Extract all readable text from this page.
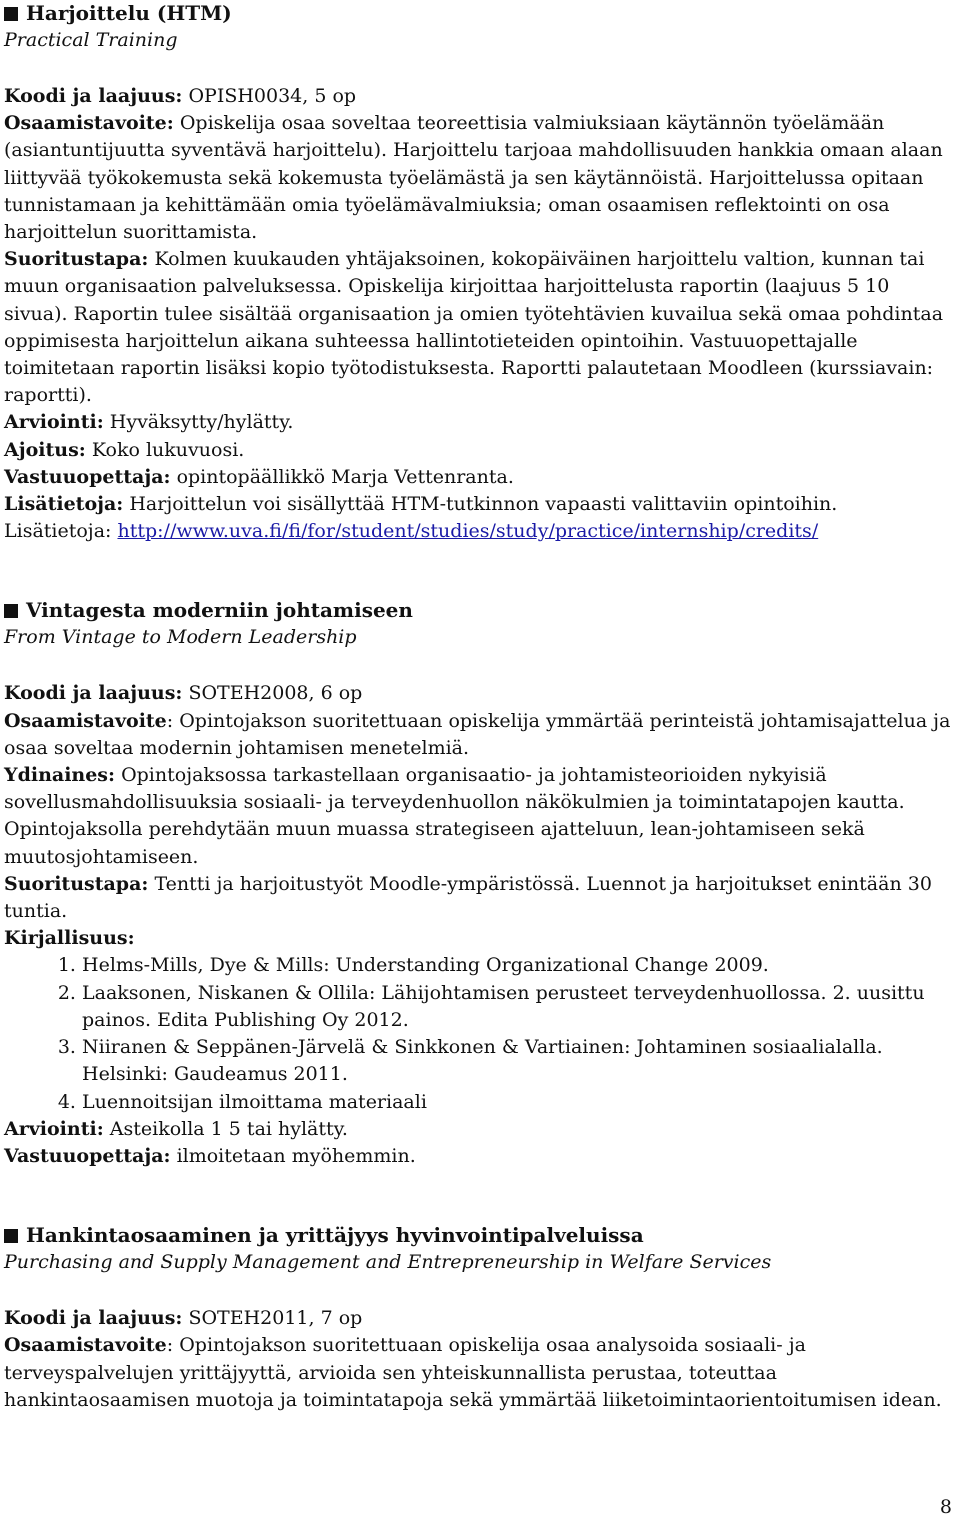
Harjoittelu (HTM)
Practical Training

Koodi ja laajuus: OPISH0034, 5 op

Osaamistavoite: Opiskelija osaa soveltaa teoreettisia valmiuksiaan käytännön työelämään (asiantuntijuutta syventävä harjoittelu). Harjoittelu tarjoaa mahdollisuuden hankkia omaan alaan liittyvää työkokemusta sekä kokemusta työelämästä ja sen käytännöistä. Harjoittelussa opitaan tunnistamaan ja kehittämään omia työelämävalmiuksia; oman osaamisen reflektointi on osa harjoittelun suorittamista.

Suoritustapa: Kolmen kuukauden yhtäjaksoinen, kokopäiväinen harjoittelu valtion, kunnan tai muun organisaation palveluksessa. Opiskelija kirjoittaa harjoittelusta raportin (laajuus 5 10 sivua). Raportin tulee sisältää organisaation ja omien työtehtävien kuvailua sekä omaa pohdintaa oppimisesta harjoittelun aikana suhteessa hallintotieteiden opintoihin. Vastuuopettajalle toimitetaan raportin lisäksi kopio työtodistuksesta. Raportti palautetaan Moodleen (kurssiavain: raportti).

Arviointi: Hyväksytty/hylätty.

Ajoitus: Koko lukuvuosi.

Vastuuopettaja: opintopäällikkö Marja Vettenranta.

Lisätietoja: Harjoittelun voi sisällyttää HTM-tutkinnon vapaasti valittaviin opintoihin.

Lisätietoja: http://www.uva.fi/fi/for/student/studies/study/practice/internship/credits/

Vintagesta moderniin johtamiseen
From Vintage to Modern Leadership

Koodi ja laajuus: SOTEH2008, 6 op

Osaamistavoite: Opintojakson suoritettuaan opiskelija ymmärtää perinteistä johtamisajattelua ja osaa soveltaa modernin johtamisen menetelmiä.

Ydinaines: Opintojaksossa tarkastellaan organisaatio- ja johtamisteorioiden nykyisiä sovellusmahdollisuuksia sosiaali- ja terveydenhuollon näkökulmien ja toimintatapojen kautta. Opintojaksolla perehdytään muun muassa strategiseen ajatteluun, lean-johtamiseen sekä muutosjohtamiseen.

Suoritustapa: Tentti ja harjoitustyöt Moodle-ympäristössä. Luennot ja harjoitukset enintään 30 tuntia.

Kirjallisuus:

1. Helms-Mills, Dye & Mills: Understanding Organizational Change 2009.
2. Laaksonen, Niskanen & Ollila: Lähijohtamisen perusteet terveydenhuollossa. 2. uusittu painos. Edita Publishing Oy 2012.
3. Niiranen & Seppänen-Järvelä & Sinkkonen & Vartiainen: Johtaminen sosiaalialalla. Helsinki: Gaudeamus 2011.
4. Luennoitsijan ilmoittama materiaali

Arviointi: Asteikolla 1 5 tai hylätty.

Vastuuopettaja: ilmoitetaan myöhemmin.

Hankintaosaaminen ja yrittäjyys hyvinvointipalveluissa
Purchasing and Supply Management and Entrepreneurship in Welfare Services

Koodi ja laajuus: SOTEH2011, 7 op

Osaamistavoite: Opintojakson suoritettuaan opiskelija osaa analysoida sosiaali- ja terveyspalvelujen yrittäjyyttä, arvioida sen yhteiskunnallista perustaa, toteuttaa hankintaosaamisen muotoja ja toimintatapoja sekä ymmärtää liiketoimintaorientoitumisen idean.

8
